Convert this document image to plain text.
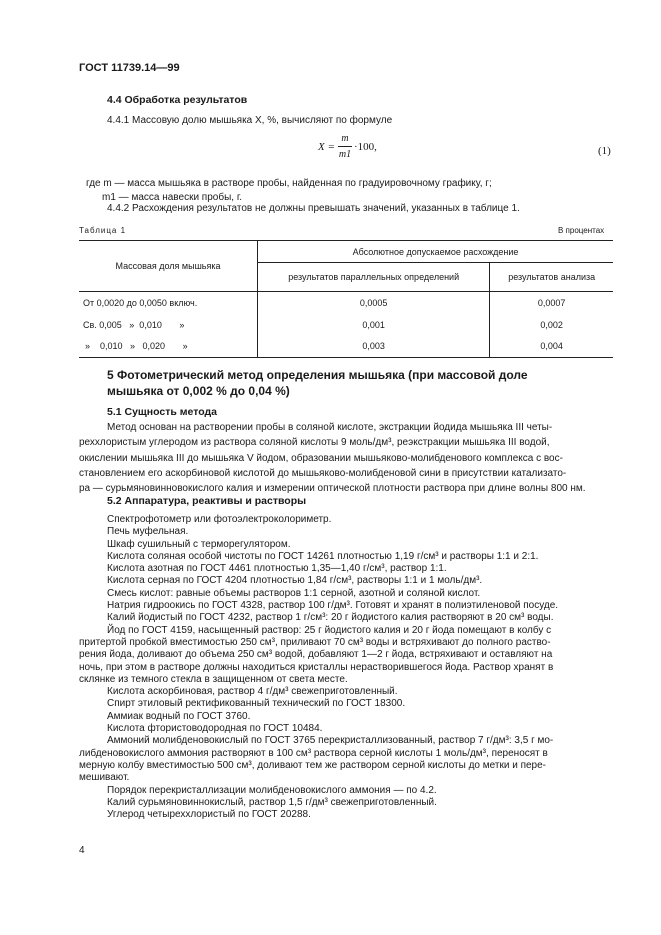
ГОСТ 11739.14—99
4.4 Обработка результатов
4.4.1 Массовую долю мышьяка X, %, вычисляют по формуле
X =
m
m1
·100,	(1)
где m — масса мышьяка в растворе пробы, найденная по градуировочному графику, г;
m1 — масса навески пробы, г.
4.4.2 Расхождения результатов не должны превышать значений, указанных в таблице 1.
Таблица 1	В процентах
Массовая доля мышьяка	Абсолютное допускаемое расхождение	
	результатов параллельных определений	результатов анализа
От 0,0020 до 0,0050 включ.	0,0005	0,0007
Св. 0,005   »  0,010       »	0,001	0,002
»    0,010   »   0,020       »	0,003	0,004
5 Фотометрический метод определения мышьяка (при массовой доле
мышьяка от 0,002 % до 0,04 %)
5.1 Сущность метода
Метод основан на растворении пробы в соляной кислоте, экстракции йодида мышьяка III четы-
реххлористым углеродом из раствора соляной кислоты 9 моль/дм³, реэкстракции мышьяка III водой,
окислении мышьяка III до мышьяка V йодом, образовании мышьяково-молибденового комплекса с вос-
становлением его аскорбиновой кислотой до мышьяково-молибденовой сини в присутствии катализато-
ра — сурьмяновинновокислого калия и измерении оптической плотности раствора при длине волны 800 нм.
5.2 Аппаратура, реактивы и растворы
Спектрофотометр или фотоэлектроколориметр.
Печь муфельная.
Шкаф сушильный с терморегулятором.
Кислота соляная особой чистоты по ГОСТ 14261 плотностью 1,19 г/см³ и растворы 1:1 и 2:1.
Кислота азотная по ГОСТ 4461 плотностью 1,35—1,40 г/см³, раствор 1:1.
Кислота серная по ГОСТ 4204 плотностью 1,84 г/см³, растворы 1:1 и 1 моль/дм³.
Смесь кислот: равные объемы растворов 1:1 серной, азотной и соляной кислот.
Натрия гидроокись по ГОСТ 4328, раствор 100 г/дм³. Готовят и хранят в полиэтиленовой посуде.
Калий йодистый по ГОСТ 4232, раствор 1 г/см³: 20 г йодистого калия растворяют в 20 см³ воды.
Йод по ГОСТ 4159, насыщенный раствор: 25 г йодистого калия и 20 г йода помещают в колбу с
притертой пробкой вместимостью 250 см³, приливают 70 см³ воды и встряхивают до полного раство-
рения йода, доливают до объема 250 см³ водой, добавляют 1—2 г йода, встряхивают и оставляют на
ночь, при этом в растворе должны находиться кристаллы нерастворившегося йода. Раствор хранят в
склянке из темного стекла в защищенном от света месте.
Кислота аскорбиновая, раствор 4 г/дм³ свежеприготовленный.
Спирт этиловый ректификованный технический по ГОСТ 18300.
Аммиак водный по ГОСТ 3760.
Кислота фтористоводородная по ГОСТ 10484.
Аммоний молибденовокислый по ГОСТ 3765 перекристаллизованный, раствор 7 г/дм³: 3,5 г мо-
либденовокислого аммония растворяют в 100 см³ раствора серной кислоты 1 моль/дм³, переносят в
мерную колбу вместимостью 500 см³, доливают тем же раствором серной кислоты до метки и пере-
мешивают.
Порядок перекристаллизации молибденовокислого аммония — по 4.2.
Калий сурьмяновиннокислый, раствор 1,5 г/дм³ свежеприготовленный.
Углерод четыреххлористый по ГОСТ 20288.
4
